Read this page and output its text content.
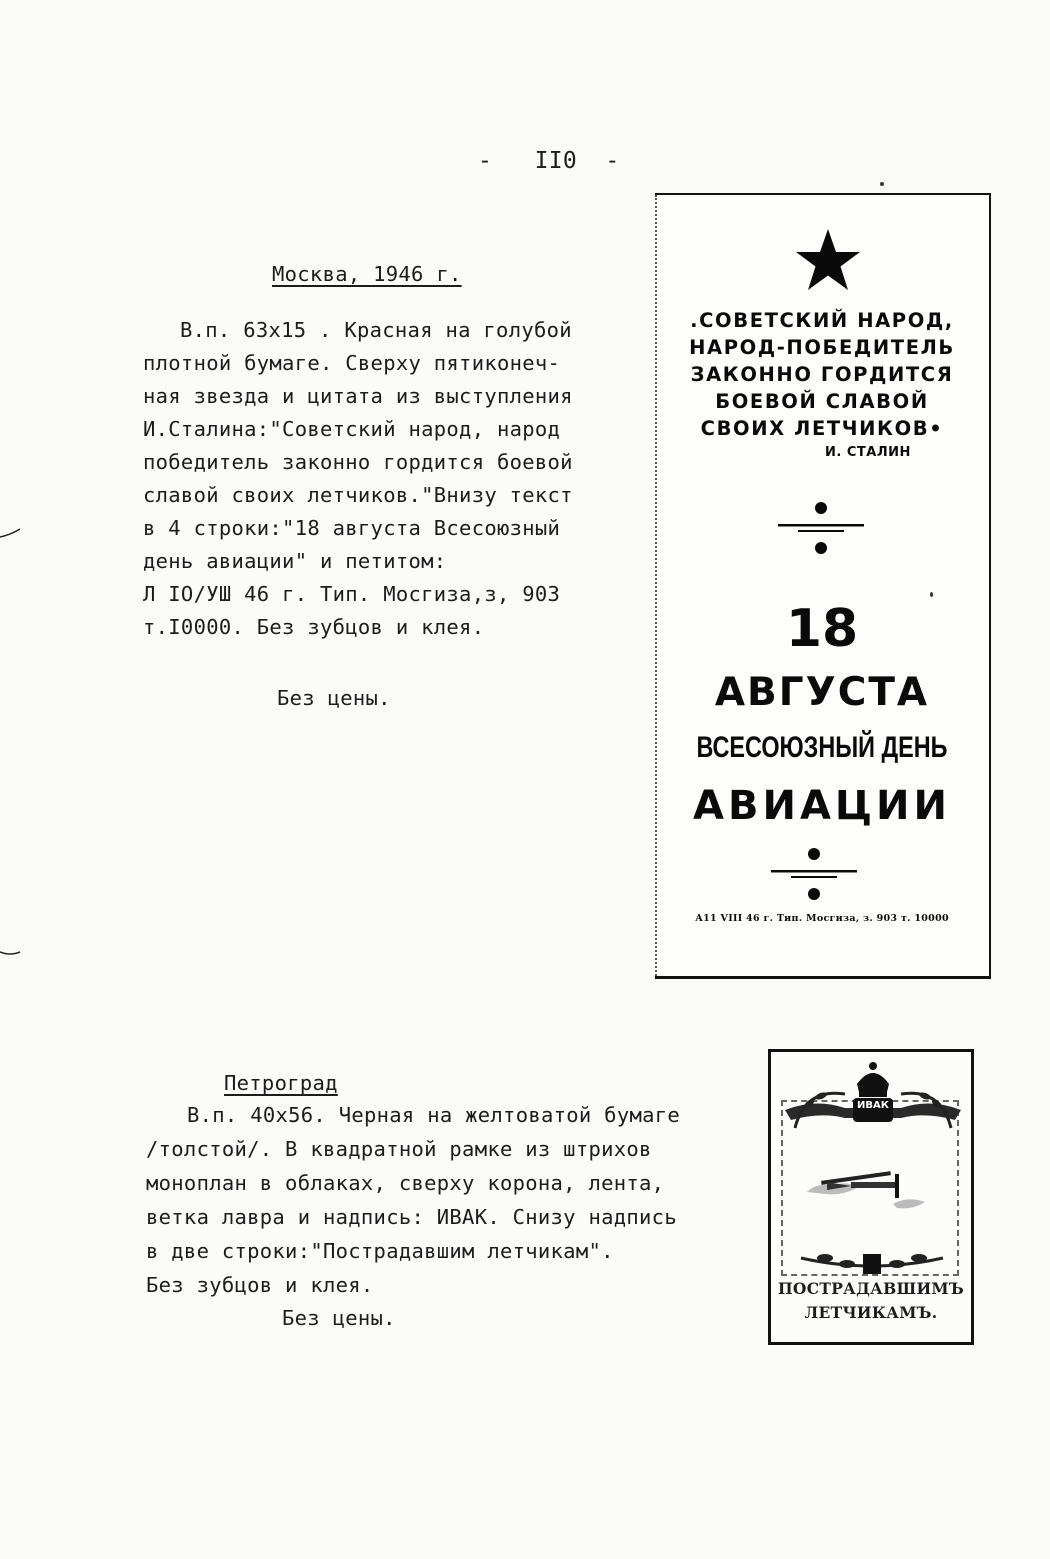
-   II0  -
Москва, 1946 г.
В.п. 63х15 . Красная на голубой
плотной бумаге. Сверху пятиконеч-
ная звезда и цитата из выступления
И.Сталина:"Советский народ, народ
победитель законно гордится боевой
славой своих летчиков."Внизу текст
в 4 строки:"18 августа Всесоюзный
день авиации" и петитом:
Л IO/УШ 46 г. Тип. Мосгиза,з, 903
т.I0000. Без зубцов и клея.
Без цены.
.СОВЕТСКИЙ НАРОД,
НАРОД-ПОБЕДИТЕЛЬ
ЗАКОННО ГОРДИТСЯ
БОЕВОЙ СЛАВОЙ
СВОИХ ЛЕТЧИКОВ•
И. СТАЛИН
18
АВГУСТА
ВСЕСОЮЗНЫЙ ДЕНЬ
АВИАЦИИ
А11 VIII 46 г. Тип. Мосгиза, з. 903 т. 10000
Петроград
В.п. 40х56. Черная на желтоватой бумаге
/толстой/. В квадратной рамке из штрихов
моноплан в облаках, сверху корона, лента,
ветка лавра и надпись: ИВАК. Снизу надпись
в две строки:"Пострадавшим летчикам".
Без зубцов и клея.
Без цены.
ИВАК
ПОСТРАДАВШИМЪ
ЛЕТЧИКАМЪ.
